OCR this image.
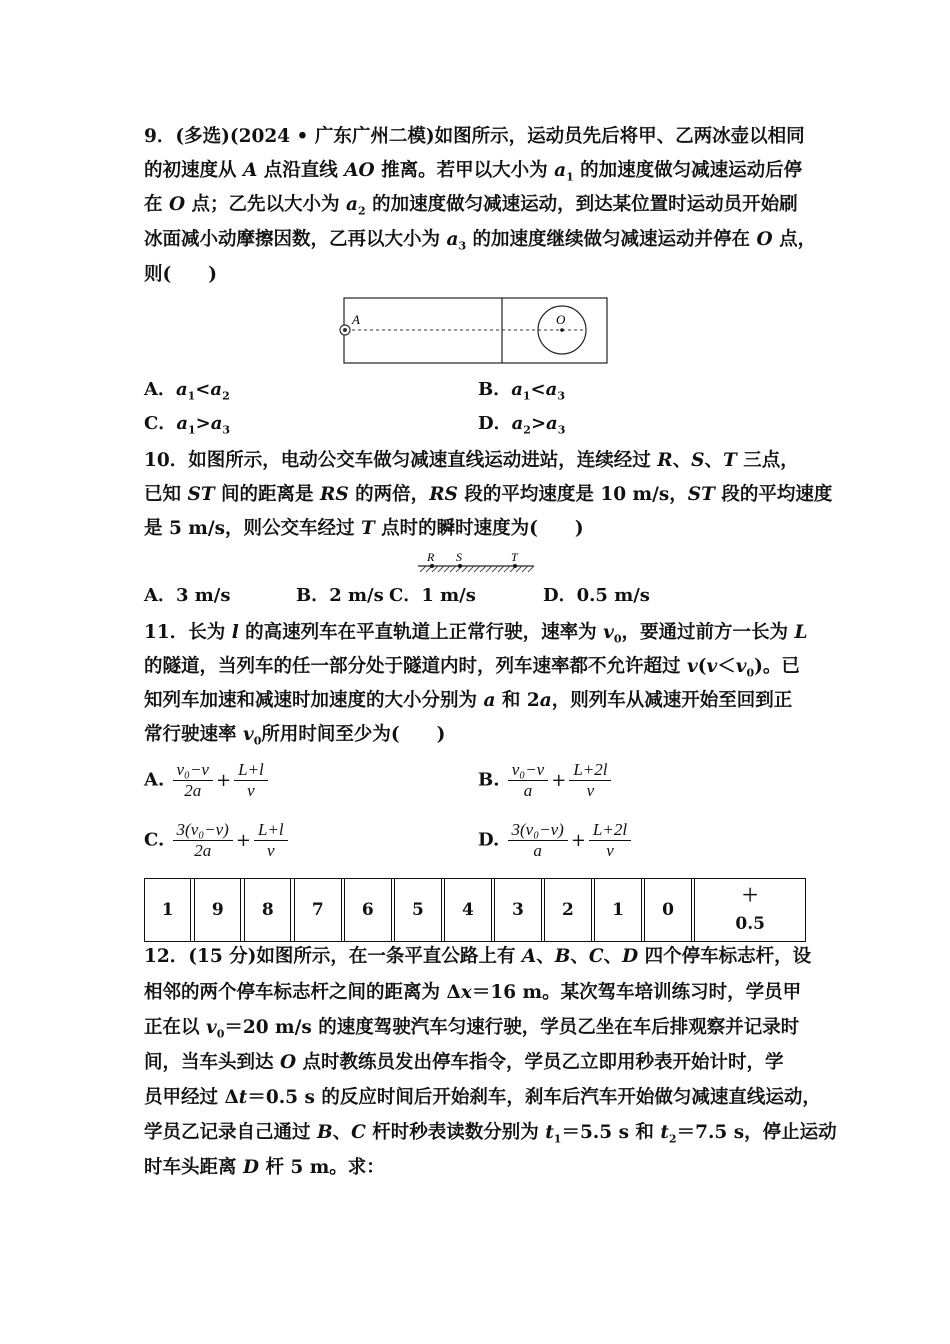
9．(多选)(2024 • 广东广州二模)如图所示，运动员先后将甲、乙两冰壶以相同
的初速度从 A 点沿直线 AO 推离。若甲以大小为 $a_1$ 的加速度做匀减速运动后停
在 O 点；乙先以大小为 $a_2$ 的加速度做匀减速运动，到达某位置时运动员开始刷
冰面减小动摩擦因数，乙再以大小为 $a_3$ 的加速度继续做匀减速运动并停在 O 点，
则(　　)
A	O
A．$a_1<a_2$	B．$a_1<a_3$
C．$a_1>a_3$	D．$a_2>a_3$
10．如图所示，电动公交车做匀减速直线运动进站，连续经过 R、S、T 三点，
已知 ST 间的距离是 RS 的两倍，RS 段的平均速度是 10 m/s，ST 段的平均速度
是 5 m/s，则公交车经过 T 点时的瞬时速度为(　　)
R S	T
A．3 m/s	B．2 m/s C．1 m/s	D．0.5 m/s
11．长为 l 的高速列车在平直轨道上正常行驶，速率为 $v_0$，要通过前方一长为 L
的隧道，当列车的任一部分处于隧道内时，列车速率都不允许超过 $v(v<v_0)$。已
知列车加速和减速时加速度的大小分别为 a 和 2a，则列车从减速开始至回到正
常行驶速率 $v_0$所用时间至少为(　　)
A. $\frac{\text{v₀−v}}{2a} + \frac{L+l}{v}$	B. $\frac{\text{v₀−v}}{a} + \frac{L+2l}{v}$
C. $\frac{\text{3(v₀−v)}}{2a} + \frac{L+l}{v}$	D. $\frac{\text{3(v₀−v)}}{a} + \frac{L+2l}{v}$
1		9		8		7		6		5		4		3		2		1		0		＋
0.5
12．(15 分)如图所示，在一条平直公路上有 A、B、C、D 四个停车标志杆，设
相邻的两个停车标志杆之间的距离为 Δx＝16 m。某次驾车培训练习时，学员甲
正在以 $v_0=20$ m/s 的速度驾驶汽车匀速行驶，学员乙坐在车后排观察并记录时
间，当车头到达 O 点时教练员发出停车指令，学员乙立即用秒表开始计时，学
员甲经过 Δt＝0.5 s 的反应时间后开始刹车，刹车后汽车开始做匀减速直线运动，
学员乙记录自己通过 B、C 杆时秒表读数分别为 $t_1=5.5$ s 和 $t_2=7.5$ s，停止运动
时车头距离 D 杆 5 m。求：
